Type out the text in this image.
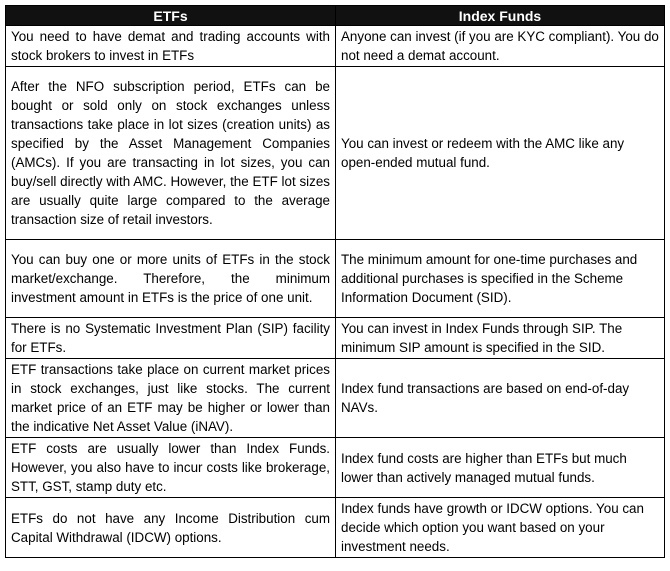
ETFs	Index Funds
You need to have demat and trading accounts with stock brokers to invest in ETFs	Anyone can invest (if you are KYC compliant). You do not need a demat account.
After the NFO subscription period, ETFs can be bought or sold only on stock exchanges unless transactions take place in lot sizes (creation units) as specified by the Asset Management Companies (AMCs). If you are transacting in lot sizes, you can buy/sell directly with AMC. However, the ETF lot sizes are usually quite large compared to the average transaction size of retail investors.	You can invest or redeem with the AMC like any open-ended mutual fund.
You can buy one or more units of ETFs in the stock market/exchange. Therefore, the minimum investment amount in ETFs is the price of one unit.	The minimum amount for one-time purchases and additional purchases is specified in the Scheme Information Document (SID).
There is no Systematic Investment Plan (SIP) facility for ETFs.	You can invest in Index Funds through SIP. The minimum SIP amount is specified in the SID.
ETF transactions take place on current market prices in stock exchanges, just like stocks. The current market price of an ETF may be higher or lower than the indicative Net Asset Value (iNAV).	Index fund transactions are based on end-of-day NAVs.
ETF costs are usually lower than Index Funds. However, you also have to incur costs like brokerage, STT, GST, stamp duty etc.	Index fund costs are higher than ETFs but much lower than actively managed mutual funds.
ETFs do not have any Income Distribution cum Capital Withdrawal (IDCW) options.	Index funds have growth or IDCW options. You can decide which option you want based on your investment needs.
